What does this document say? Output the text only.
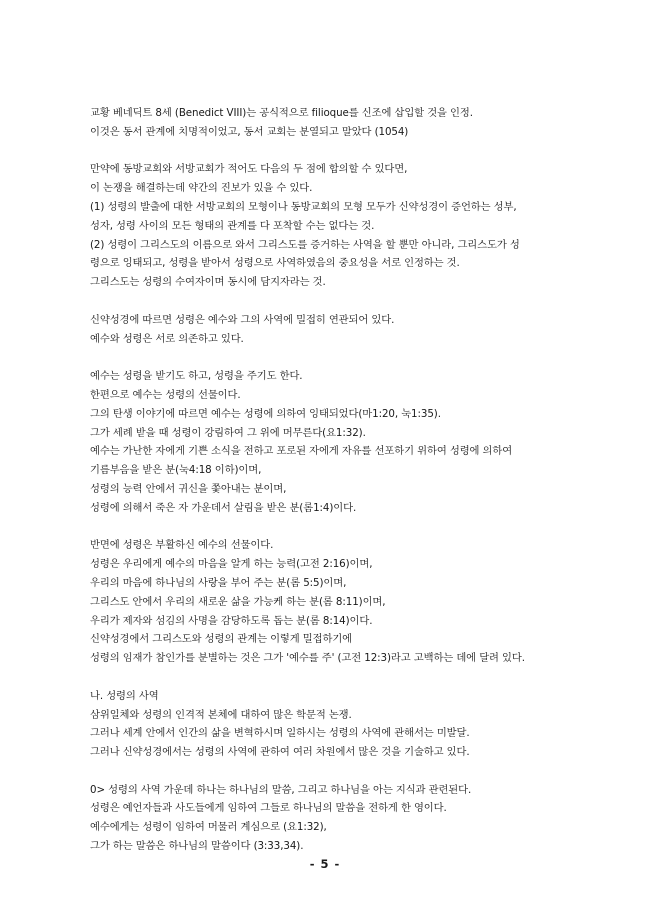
교황 베네딕트 8세 (Benedict VIII)는 공식적으로 filioque를 신조에 삽입할 것을 인정.
이것은 동서 관계에 치명적이었고, 동서 교회는 분열되고 말았다 (1054)
만약에 동방교회와 서방교회가 적어도 다음의 두 점에 합의할 수 있다면,
이 논쟁을 해결하는데 약간의 진보가 있을 수 있다.
(1) 성령의 발출에 대한 서방교회의 모형이나 동방교회의 모형 모두가 신약성경이 증언하는 성부,
성자, 성령 사이의 모든 형태의 관계를 다 포착할 수는 없다는 것.
(2) 성령이 그리스도의 이름으로 와서 그리스도를 증거하는 사역을 할 뿐만 아니라, 그리스도가 성
령으로 잉태되고, 성령을 받아서 성령으로 사역하였음의 중요성을 서로 인정하는 것.
그리스도는 성령의 수여자이며 동시에 담지자라는 것.
신약성경에 따르면 성령은 예수와 그의 사역에 밀접히 연관되어 있다.
예수와 성령은 서로 의존하고 있다.
예수는 성령을 받기도 하고, 성령을 주기도 한다.
한편으로 예수는 성령의 선물이다.
그의 탄생 이야기에 따르면 예수는 성령에 의하여 잉태되었다(마1:20, 눅1:35).
그가 세례 받을 때 성령이 강림하여 그 위에 머무른다(요1:32).
예수는 가난한 자에게 기쁜 소식을 전하고 포로된 자에게 자유를 선포하기 위하여 성령에 의하여
기름부음을 받은 분(눅4:18 이하)이며,
성령의 능력 안에서 귀신을 쫓아내는 분이며,
성령에 의해서 죽은 자 가운데서 살림을 받은 분(롬1:4)이다.
반면에 성령은 부활하신 예수의 선물이다.
성령은 우리에게 예수의 마음을 알게 하는 능력(고전 2:16)이며,
우리의 마음에 하나님의 사랑을 부어 주는 분(롬 5:5)이며,
그리스도 안에서 우리의 새로운 삶을 가능케 하는 분(롬 8:11)이며,
우리가 제자와 섬김의 사명을 감당하도록 돕는 분(롬 8:14)이다.
신약성경에서 그리스도와 성령의 관계는 이렇게 밀접하기에
성령의 임재가 참인가를 분별하는 것은 그가 '예수를 주' (고전 12:3)라고 고백하는 데에 달려 있다.
나. 성령의 사역
삼위일체와 성령의 인격적 본체에 대하여 많은 학문적 논쟁.
그러나 세계 안에서 인간의 삶을 변혁하시며 일하시는 성령의 사역에 관해서는 미발달.
그러나 신약성경에서는 성령의 사역에 관하여 여러 차원에서 많은 것을 기술하고 있다.
0> 성령의 사역 가운데 하나는 하나님의 말씀, 그리고 하나님을 아는 지식과 관련된다.
성령은 예언자들과 사도들에게 임하여 그들로 하나님의 말씀을 전하게 한 영이다.
예수에게는 성령이 임하여 머물러 계심으로 (요1:32),
그가 하는 말씀은 하나님의 말씀이다 (3:33,34).
- 5 -
